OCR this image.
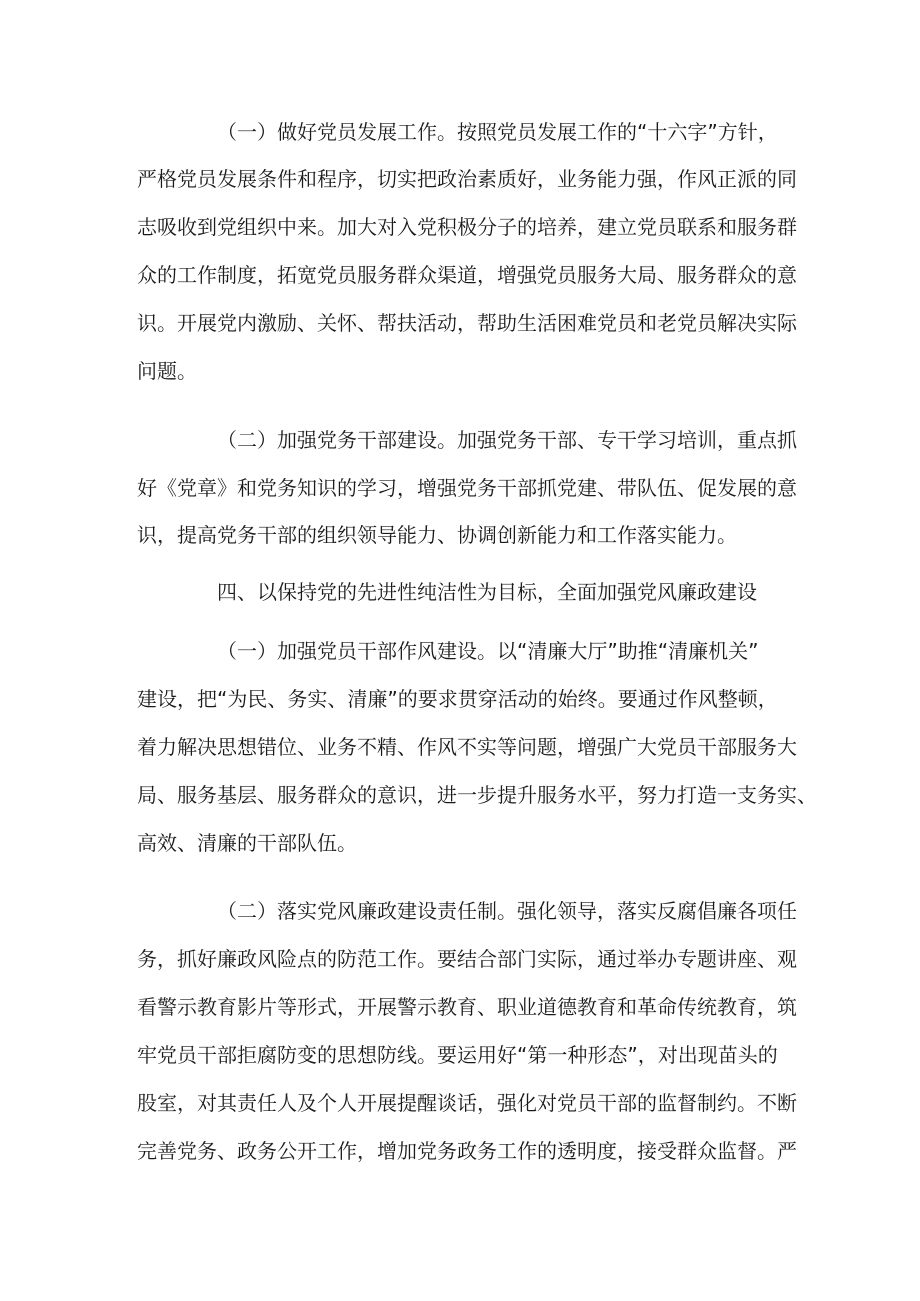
（一）做好党员发展工作。按照党员发展工作的“十六字”方针，
严格党员发展条件和程序，切实把政治素质好，业务能力强，作风正派的同
志吸收到党组织中来。加大对入党积极分子的培养，建立党员联系和服务群
众的工作制度，拓宽党员服务群众渠道，增强党员服务大局、服务群众的意
识。开展党内激励、关怀、帮扶活动，帮助生活困难党员和老党员解决实际
问题。
（二）加强党务干部建设。加强党务干部、专干学习培训，重点抓
好《党章》和党务知识的学习，增强党务干部抓党建、带队伍、促发展的意
识，提高党务干部的组织领导能力、协调创新能力和工作落实能力。
四、以保持党的先进性纯洁性为目标，全面加强党风廉政建设
（一）加强党员干部作风建设。以“清廉大厅”助推“清廉机关”
建设，把“为民、务实、清廉”的要求贯穿活动的始终。要通过作风整顿，
着力解决思想错位、业务不精、作风不实等问题，增强广大党员干部服务大
局、服务基层、服务群众的意识，进一步提升服务水平，努力打造一支务实、
高效、清廉的干部队伍。
（二）落实党风廉政建设责任制。强化领导，落实反腐倡廉各项任
务，抓好廉政风险点的防范工作。要结合部门实际，通过举办专题讲座、观
看警示教育影片等形式，开展警示教育、职业道德教育和革命传统教育，筑
牢党员干部拒腐防变的思想防线。要运用好“第一种形态”，对出现苗头的
股室，对其责任人及个人开展提醒谈话，强化对党员干部的监督制约。不断
完善党务、政务公开工作，增加党务政务工作的透明度，接受群众监督。严
